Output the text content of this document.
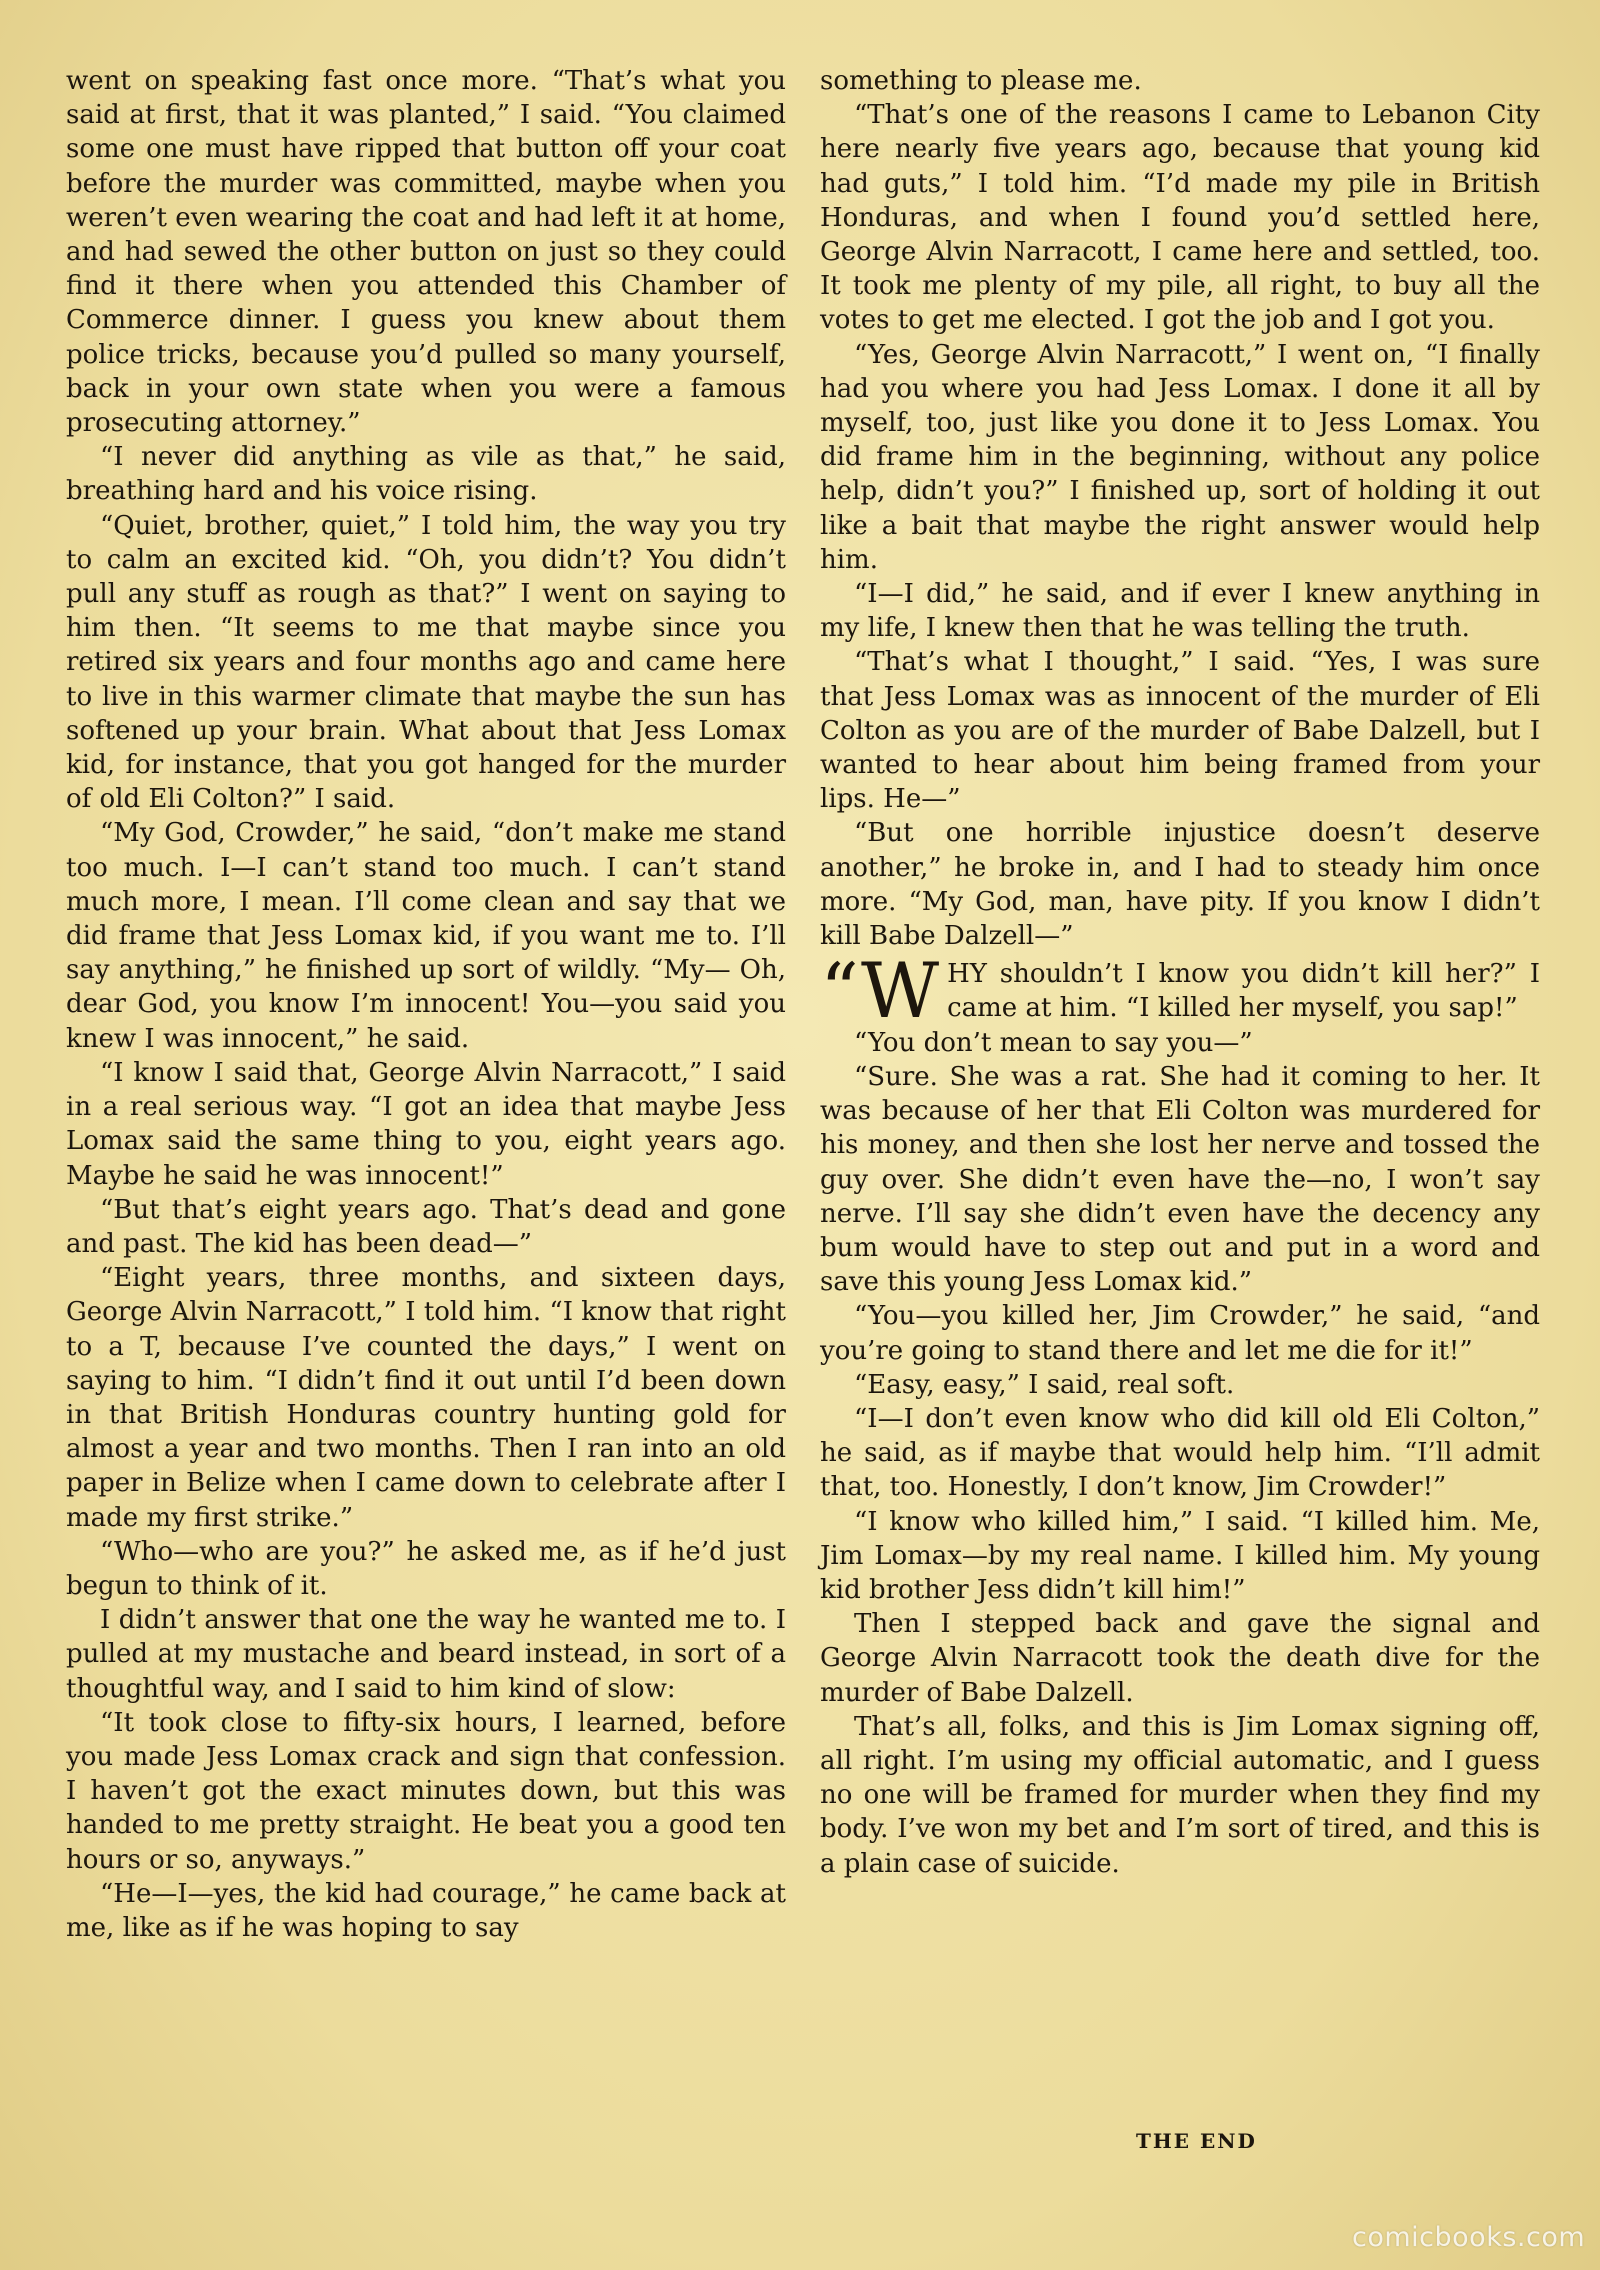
went on speaking fast once more. “That’s what you said at first, that it was planted,” I said. “You claimed some one must have ripped that button off your coat before the murder was committed, maybe when you weren’t even wearing the coat and had left it at home, and had sewed the other button on just so they could find it there when you attended this Chamber of Commerce dinner. I guess you knew about them police tricks, because you’d pulled so many yourself, back in your own state when you were a famous prosecuting attorney.”

“I never did anything as vile as that,” he said, breathing hard and his voice rising.

“Quiet, brother, quiet,” I told him, the way you try to calm an excited kid. “Oh, you didn’t? You didn’t pull any stuff as rough as that?” I went on saying to him then. “It seems to me that maybe since you retired six years and four months ago and came here to live in this warmer climate that maybe the sun has softened up your brain. What about that Jess Lomax kid, for instance, that you got hanged for the murder of old Eli Colton?” I said.

“My God, Crowder,” he said, “don’t make me stand too much. I—I can’t stand too much. I can’t stand much more, I mean. I’ll come clean and say that we did frame that Jess Lomax kid, if you want me to. I’ll say anything,” he finished up sort of wildly. “My— Oh, dear God, you know I’m innocent! You—you said you knew I was innocent,” he said.

“I know I said that, George Alvin Narracott,” I said in a real serious way. “I got an idea that maybe Jess Lomax said the same thing to you, eight years ago. Maybe he said he was innocent!”

“But that’s eight years ago. That’s dead and gone and past. The kid has been dead—”

“Eight years, three months, and sixteen days, George Alvin Narracott,” I told him. “I know that right to a T, because I’ve counted the days,” I went on saying to him. “I didn’t find it out until I’d been down in that British Honduras country hunting gold for almost a year and two months. Then I ran into an old paper in Belize when I came down to celebrate after I made my first strike.”

“Who—who are you?” he asked me, as if he’d just begun to think of it.

I didn’t answer that one the way he wanted me to. I pulled at my mustache and beard instead, in sort of a thoughtful way, and I said to him kind of slow:

“It took close to fifty-six hours, I learned, before you made Jess Lomax crack and sign that confession. I haven’t got the exact minutes down, but this was handed to me pretty straight. He beat you a good ten hours or so, anyways.”

“He—I—yes, the kid had courage,” he came back at me, like as if he was hoping to say

something to please me.

“That’s one of the reasons I came to Lebanon City here nearly five years ago, because that young kid had guts,” I told him. “I’d made my pile in British Honduras, and when I found you’d settled here, George Alvin Narracott, I came here and settled, too. It took me plenty of my pile, all right, to buy all the votes to get me elected. I got the job and I got you.

“Yes, George Alvin Narracott,” I went on, “I finally had you where you had Jess Lomax. I done it all by myself, too, just like you done it to Jess Lomax. You did frame him in the beginning, without any police help, didn’t you?” I finished up, sort of holding it out like a bait that maybe the right answer would help him.

“I—I did,” he said, and if ever I knew anything in my life, I knew then that he was telling the truth.

“That’s what I thought,” I said. “Yes, I was sure that Jess Lomax was as innocent of the murder of Eli Colton as you are of the murder of Babe Dalzell, but I wanted to hear about him being framed from your lips. He—”

“But one horrible injustice doesn’t deserve another,” he broke in, and I had to steady him once more. “My God, man, have pity. If you know I didn’t kill Babe Dalzell—”

“W HY shouldn’t I know you didn’t kill her?” I came at him. “I killed her myself, you sap!”

“You don’t mean to say you—”

“Sure. She was a rat. She had it coming to her. It was because of her that Eli Colton was murdered for his money, and then she lost her nerve and tossed the guy over. She didn’t even have the—no, I won’t say nerve. I’ll say she didn’t even have the decency any bum would have to step out and put in a word and save this young Jess Lomax kid.”

“You—you killed her, Jim Crowder,” he said, “and you’re going to stand there and let me die for it!”

“Easy, easy,” I said, real soft.

“I—I don’t even know who did kill old Eli Colton,” he said, as if maybe that would help him. “I’ll admit that, too. Honestly, I don’t know, Jim Crowder!”

“I know who killed him,” I said. “I killed him. Me, Jim Lomax—by my real name. I killed him. My young kid brother Jess didn’t kill him!”

Then I stepped back and gave the signal and George Alvin Narracott took the death dive for the murder of Babe Dalzell.

That’s all, folks, and this is Jim Lomax signing off, all right. I’m using my official automatic, and I guess no one will be framed for murder when they find my body. I’ve won my bet and I’m sort of tired, and this is a plain case of suicide.

THE END
comicbooks.com
